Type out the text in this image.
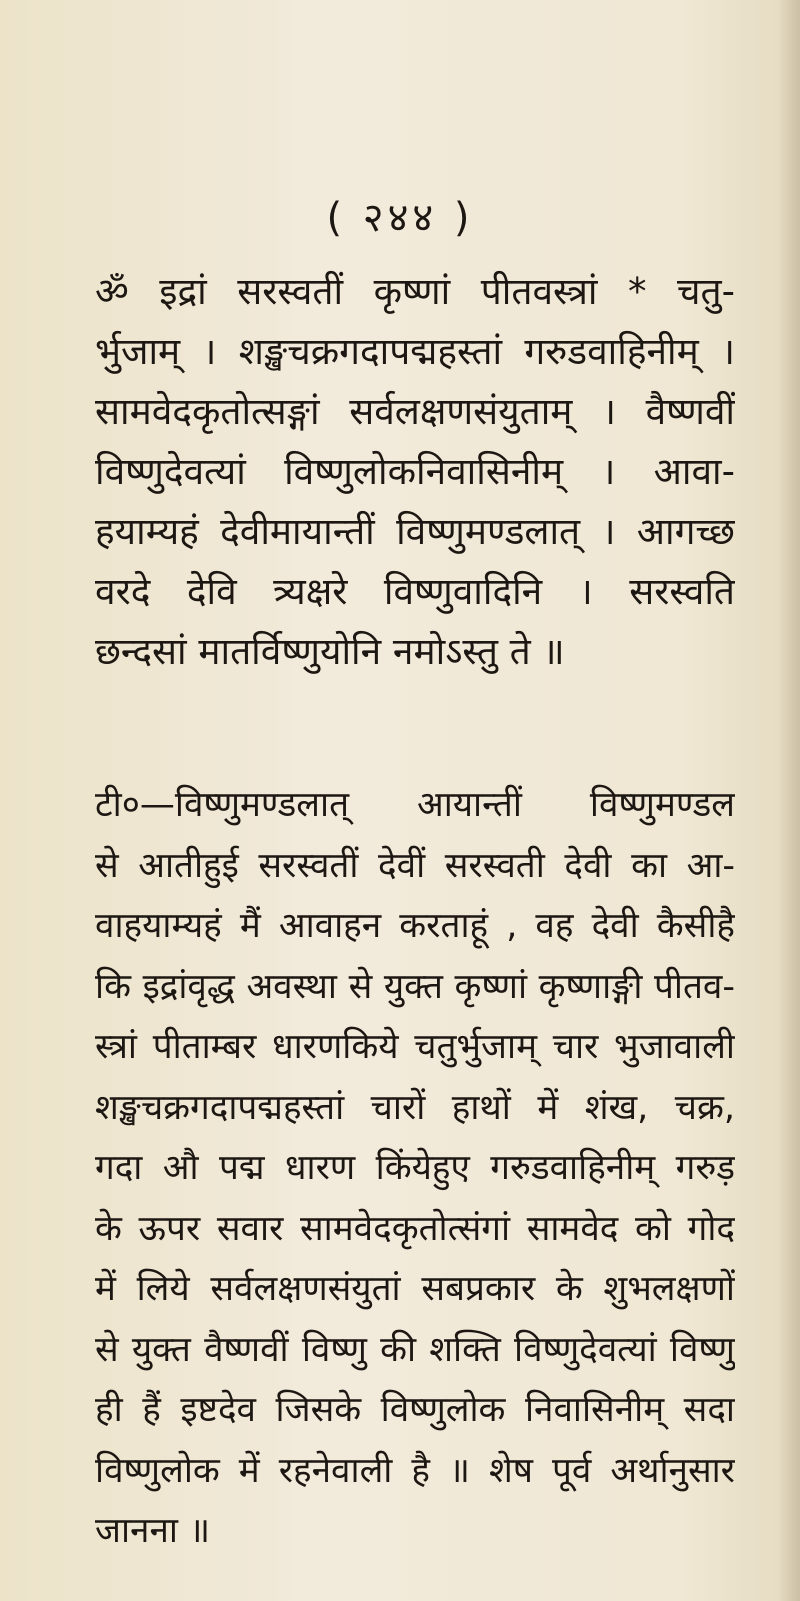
( २४४ )
ॐ इद्रां सरस्वतीं कृष्णां पीतवस्त्रां * चतु-
र्भुजाम् । शङ्खचक्रगदापद्महस्तां गरुडवाहिनीम् ।
सामवेदकृतोत्सङ्गां सर्वलक्षणसंयुताम् । वैष्णवीं
विष्णुदेवत्यां विष्णुलोकनिवासिनीम् । आवा-
हयाम्यहं देवीमायान्तीं विष्णुमण्डलात् । आगच्छ
वरदे देवि त्र्यक्षरे विष्णुवादिनि । सरस्वति
छन्दसां मातर्विष्णुयोनि नमोऽस्तु ते ॥
टी०—विष्णुमण्डलात् आयान्तीं विष्णुमण्डल
से आतीहुई सरस्वतीं देवीं सरस्वती देवी का आ-
वाहयाम्यहं मैं आवाहन करताहूं , वह देवी कैसीहै
कि इद्रांवृद्ध अवस्था से युक्त कृष्णां कृष्णाङ्गी पीतव-
स्त्रां पीताम्बर धारणकिये चतुर्भुजाम् चार भुजावाली
शङ्खचक्रगदापद्महस्तां चारों हाथों में शंख, चक्र,
गदा औ पद्म धारण किंयेहुए गरुडवाहिनीम् गरुड़
के ऊपर सवार सामवेदकृतोत्संगां सामवेद को गोद
में लिये सर्वलक्षणसंयुतां सबप्रकार के शुभलक्षणों
से युक्त वैष्णवीं विष्णु की शक्ति विष्णुदेवत्यां विष्णु
ही हैं इष्टदेव जिसके विष्णुलोक निवासिनीम् सदा
विष्णुलोक में रहनेवाली है ॥ शेष पूर्व अर्थानुसार
जानना ॥
